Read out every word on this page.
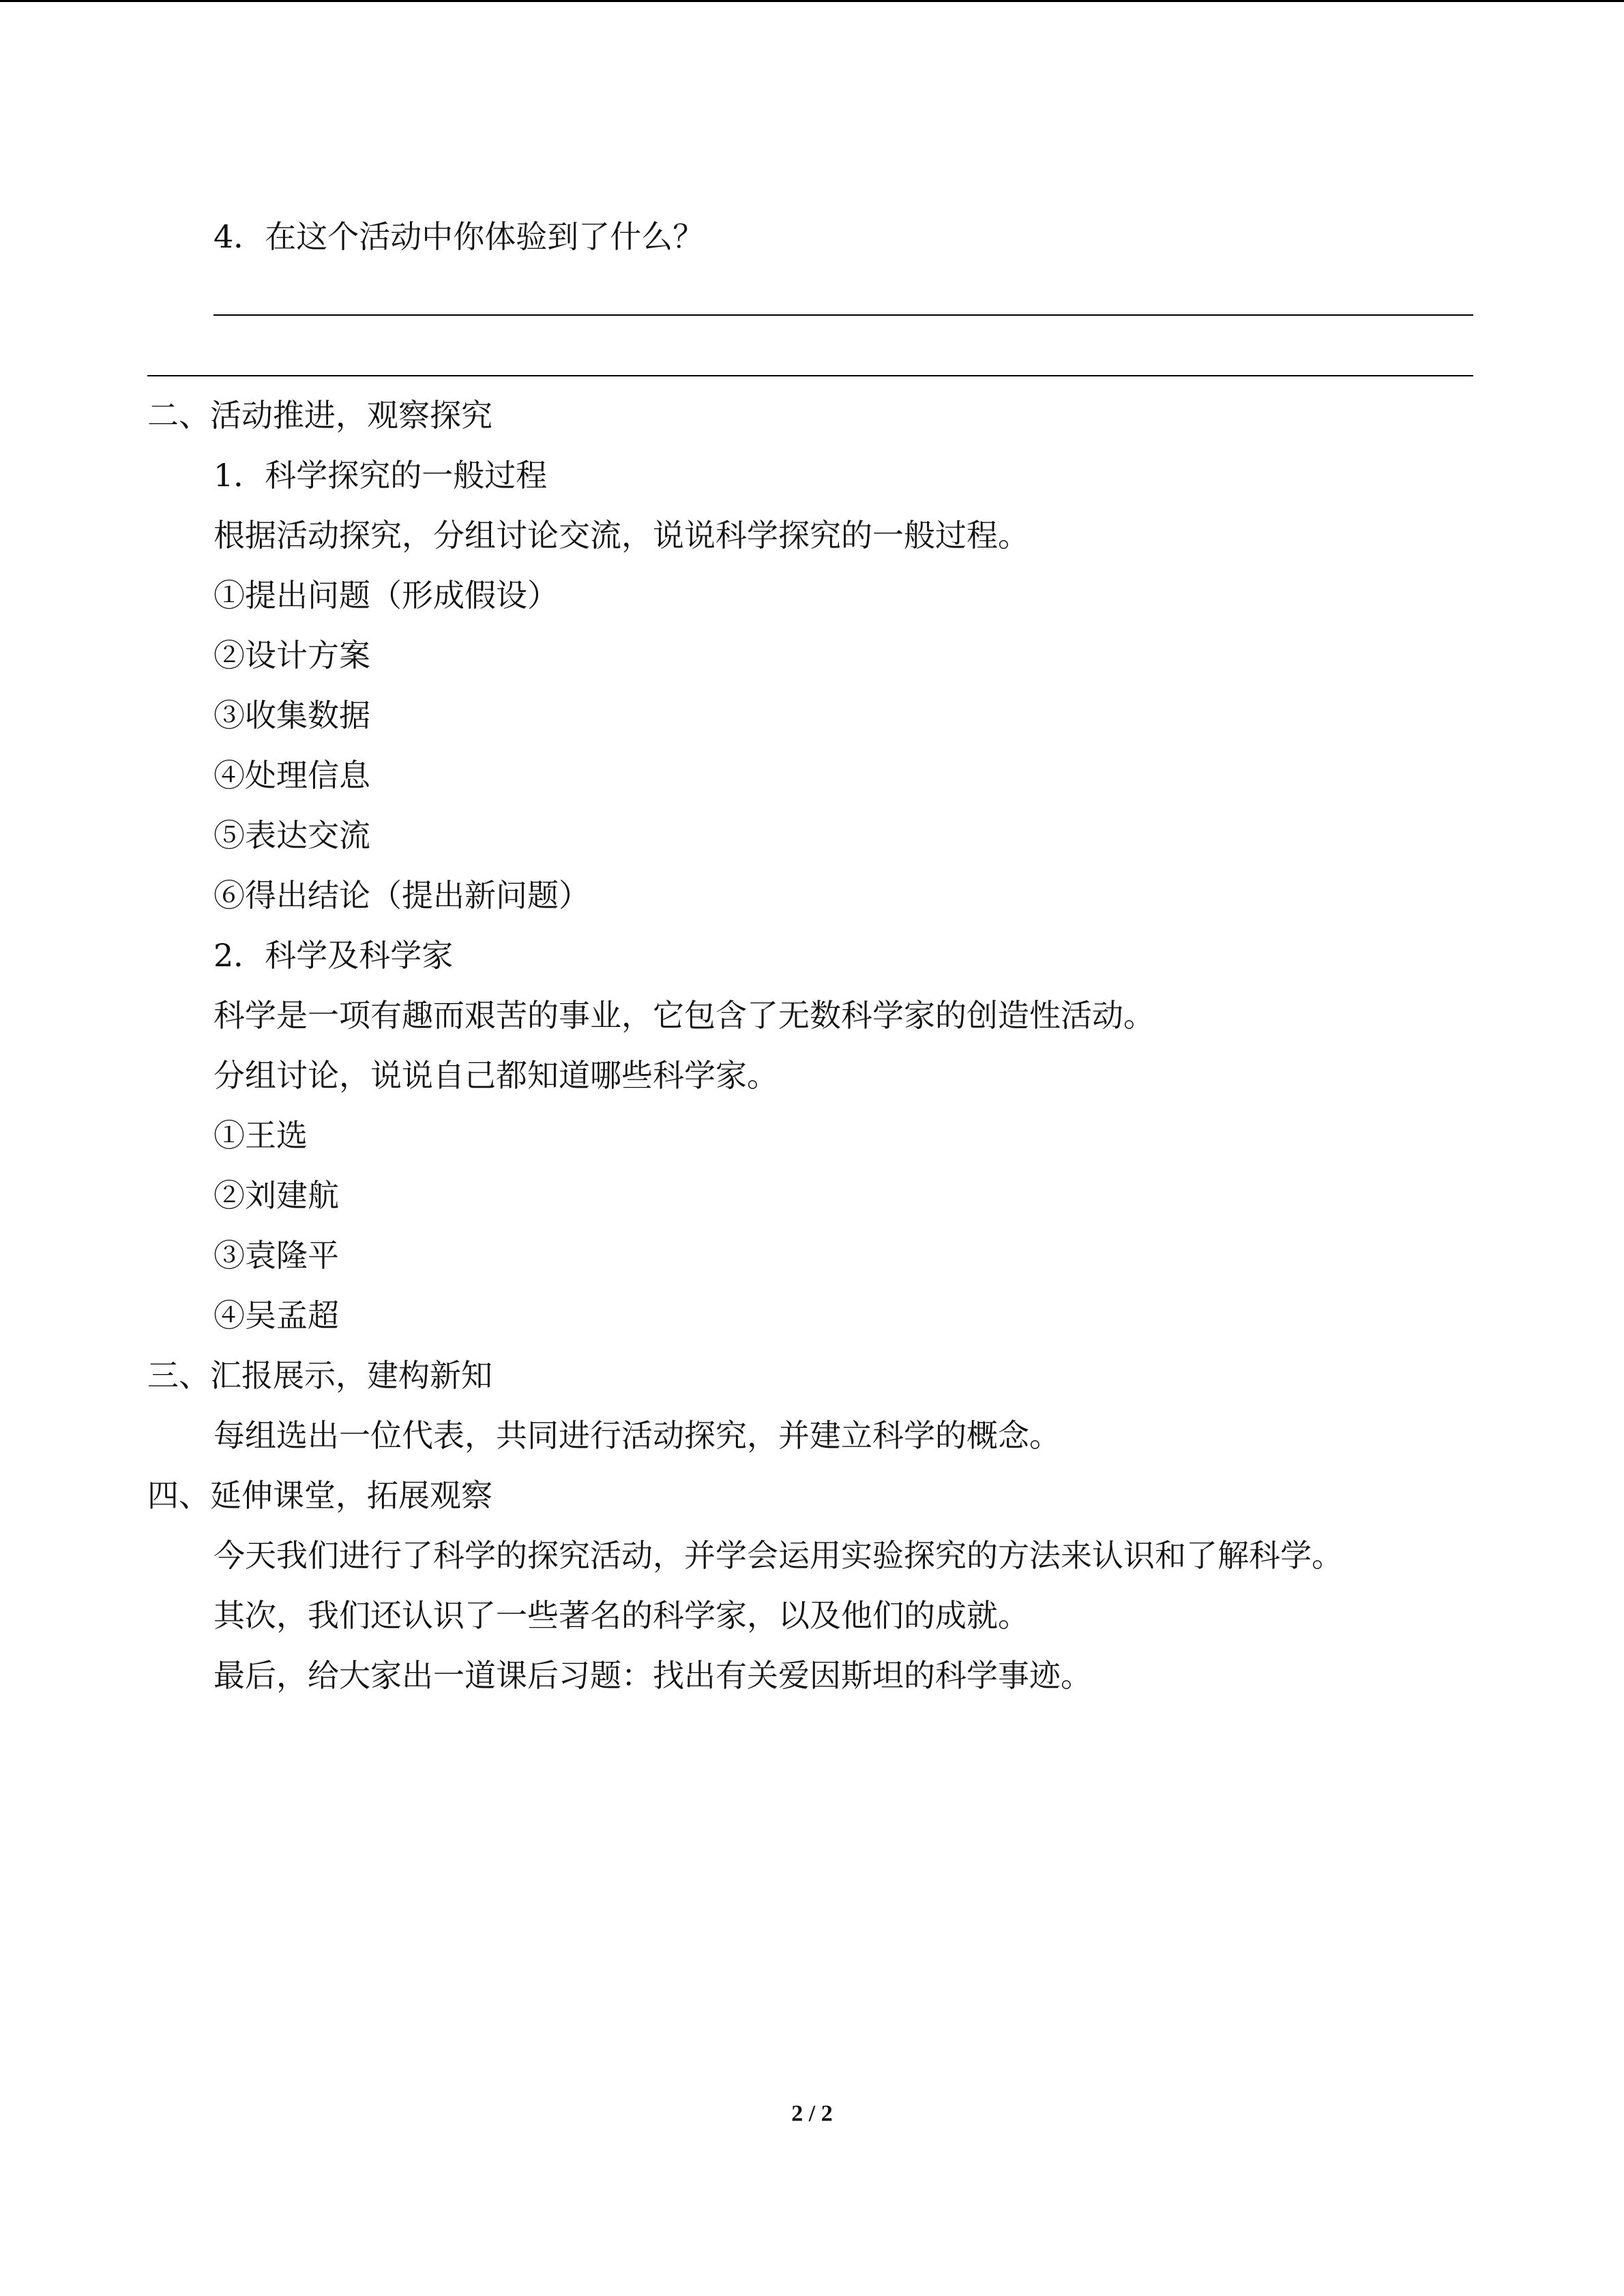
4．在这个活动中你体验到了什么？
二、活动推进，观察探究
1．科学探究的一般过程
根据活动探究，分组讨论交流，说说科学探究的一般过程。
①提出问题（形成假设）
②设计方案
③收集数据
④处理信息
⑤表达交流
⑥得出结论（提出新问题）
2．科学及科学家
科学是一项有趣而艰苦的事业，它包含了无数科学家的创造性活动。
分组讨论，说说自己都知道哪些科学家。
①王选
②刘建航
③袁隆平
④吴孟超
三、汇报展示，建构新知
每组选出一位代表，共同进行活动探究，并建立科学的概念。
四、延伸课堂，拓展观察
今天我们进行了科学的探究活动，并学会运用实验探究的方法来认识和了解科学。
其次，我们还认识了一些著名的科学家，以及他们的成就。
最后，给大家出一道课后习题：找出有关爱因斯坦的科学事迹。
2 / 2
